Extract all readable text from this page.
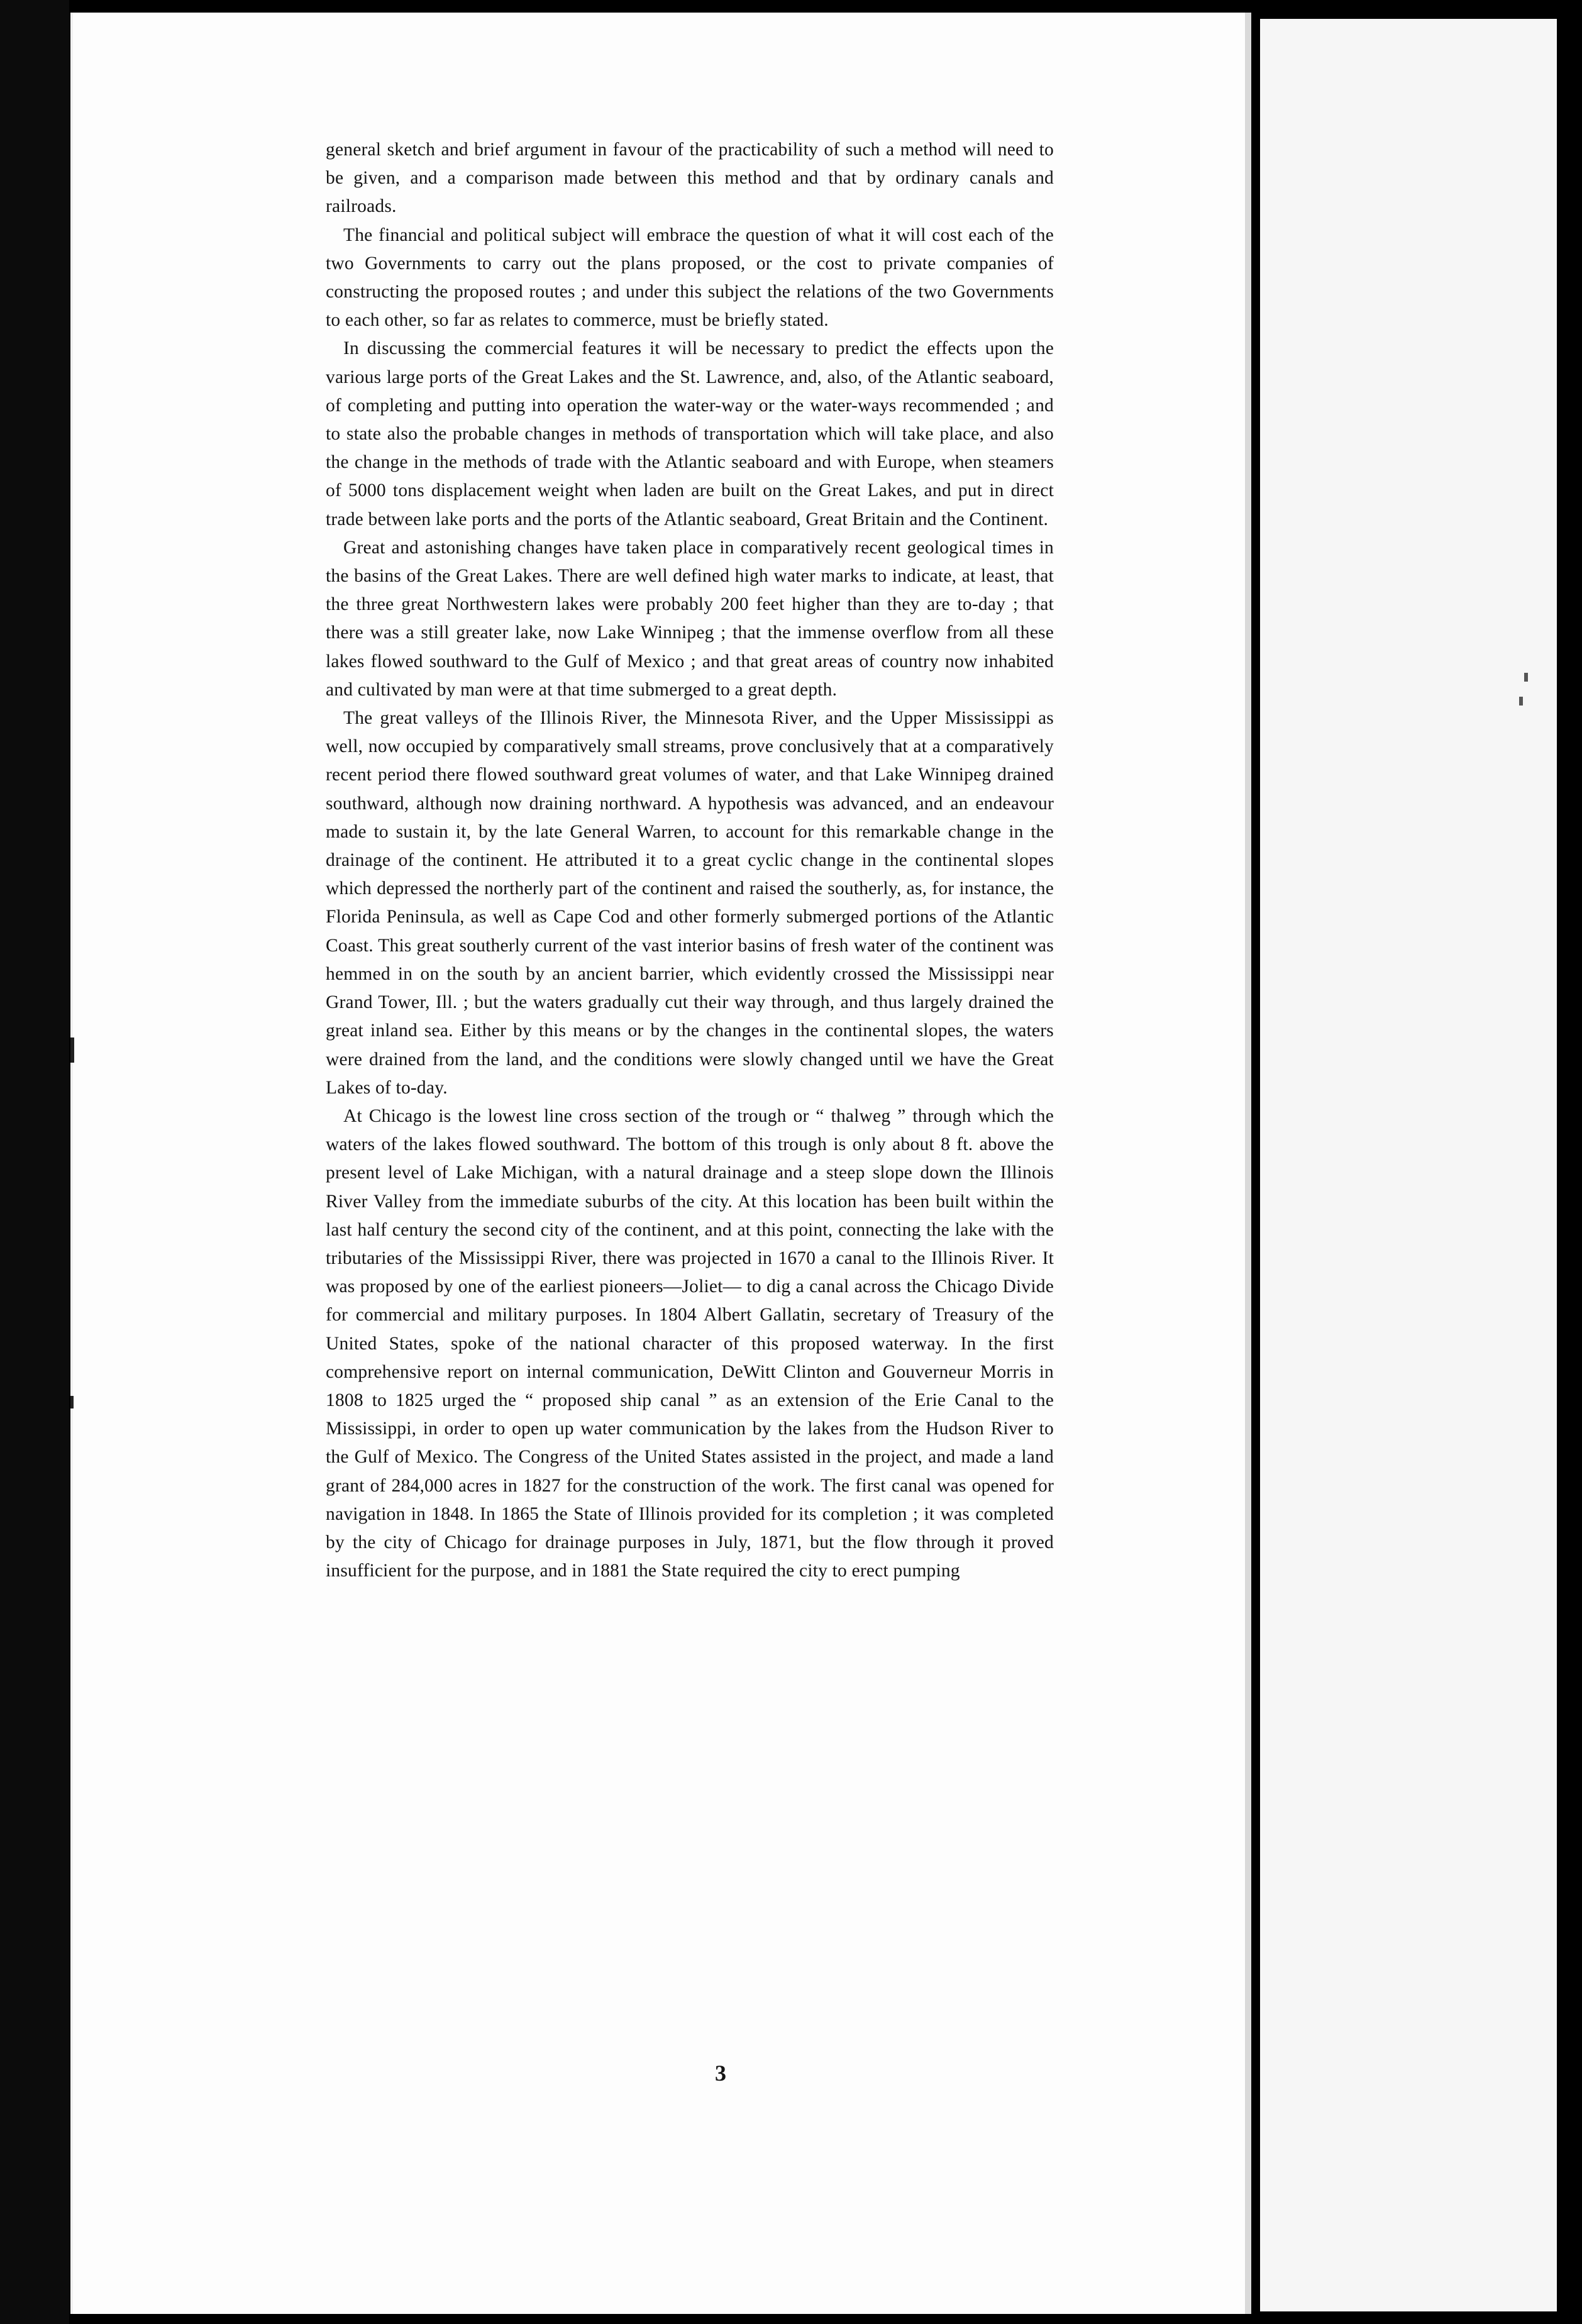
general sketch and brief argument in favour of the practicability of such a method will need to be given, and a comparison made between this method and that by ordinary canals and railroads.

The financial and political subject will embrace the question of what it will cost each of the two Governments to carry out the plans proposed, or the cost to private companies of constructing the proposed routes ; and under this subject the relations of the two Governments to each other, so far as relates to commerce, must be briefly stated.

In discussing the commercial features it will be necessary to predict the effects upon the various large ports of the Great Lakes and the St. Lawrence, and, also, of the Atlantic seaboard, of completing and putting into operation the water-way or the water-ways recommended ; and to state also the probable changes in methods of transportation which will take place, and also the change in the methods of trade with the Atlantic seaboard and with Europe, when steamers of 5000 tons displacement weight when laden are built on the Great Lakes, and put in direct trade between lake ports and the ports of the Atlantic seaboard, Great Britain and the Continent.

Great and astonishing changes have taken place in comparatively recent geological times in the basins of the Great Lakes. There are well defined high water marks to indicate, at least, that the three great Northwestern lakes were probably 200 feet higher than they are to-day ; that there was a still greater lake, now Lake Winnipeg ; that the immense overflow from all these lakes flowed southward to the Gulf of Mexico ; and that great areas of country now inhabited and cultivated by man were at that time submerged to a great depth.

The great valleys of the Illinois River, the Minnesota River, and the Upper Mississippi as well, now occupied by comparatively small streams, prove conclusively that at a comparatively recent period there flowed southward great volumes of water, and that Lake Winnipeg drained southward, although now draining northward. A hypothesis was advanced, and an endeavour made to sustain it, by the late General Warren, to account for this remarkable change in the drainage of the continent. He attributed it to a great cyclic change in the continental slopes which depressed the northerly part of the continent and raised the southerly, as, for instance, the Florida Peninsula, as well as Cape Cod and other formerly submerged portions of the Atlantic Coast. This great southerly current of the vast interior basins of fresh water of the continent was hemmed in on the south by an ancient barrier, which evidently crossed the Mississippi near Grand Tower, Ill. ; but the waters gradually cut their way through, and thus largely drained the great inland sea. Either by this means or by the changes in the continental slopes, the waters were drained from the land, and the conditions were slowly changed until we have the Great Lakes of to-day.

At Chicago is the lowest line cross section of the trough or “ thalweg ” through which the waters of the lakes flowed southward. The bottom of this trough is only about 8 ft. above the present level of Lake Michigan, with a natural drainage and a steep slope down the Illinois River Valley from the immediate suburbs of the city. At this location has been built within the last half century the second city of the continent, and at this point, connecting the lake with the tributaries of the Mississippi River, there was projected in 1670 a canal to the Illinois River. It was proposed by one of the earliest pioneers—Joliet— to dig a canal across the Chicago Divide for commercial and military purposes. In 1804 Albert Gallatin, secretary of Treasury of the United States, spoke of the national character of this proposed waterway. In the first comprehensive report on internal communication, DeWitt Clinton and Gouverneur Morris in 1808 to 1825 urged the “ proposed ship canal ” as an extension of the Erie Canal to the Mississippi, in order to open up water communication by the lakes from the Hudson River to the Gulf of Mexico. The Congress of the United States assisted in the project, and made a land grant of 284,000 acres in 1827 for the construction of the work. The first canal was opened for navigation in 1848. In 1865 the State of Illinois provided for its completion ; it was completed by the city of Chicago for drainage purposes in July, 1871, but the flow through it proved insufficient for the purpose, and in 1881 the State required the city to erect pumping

3
